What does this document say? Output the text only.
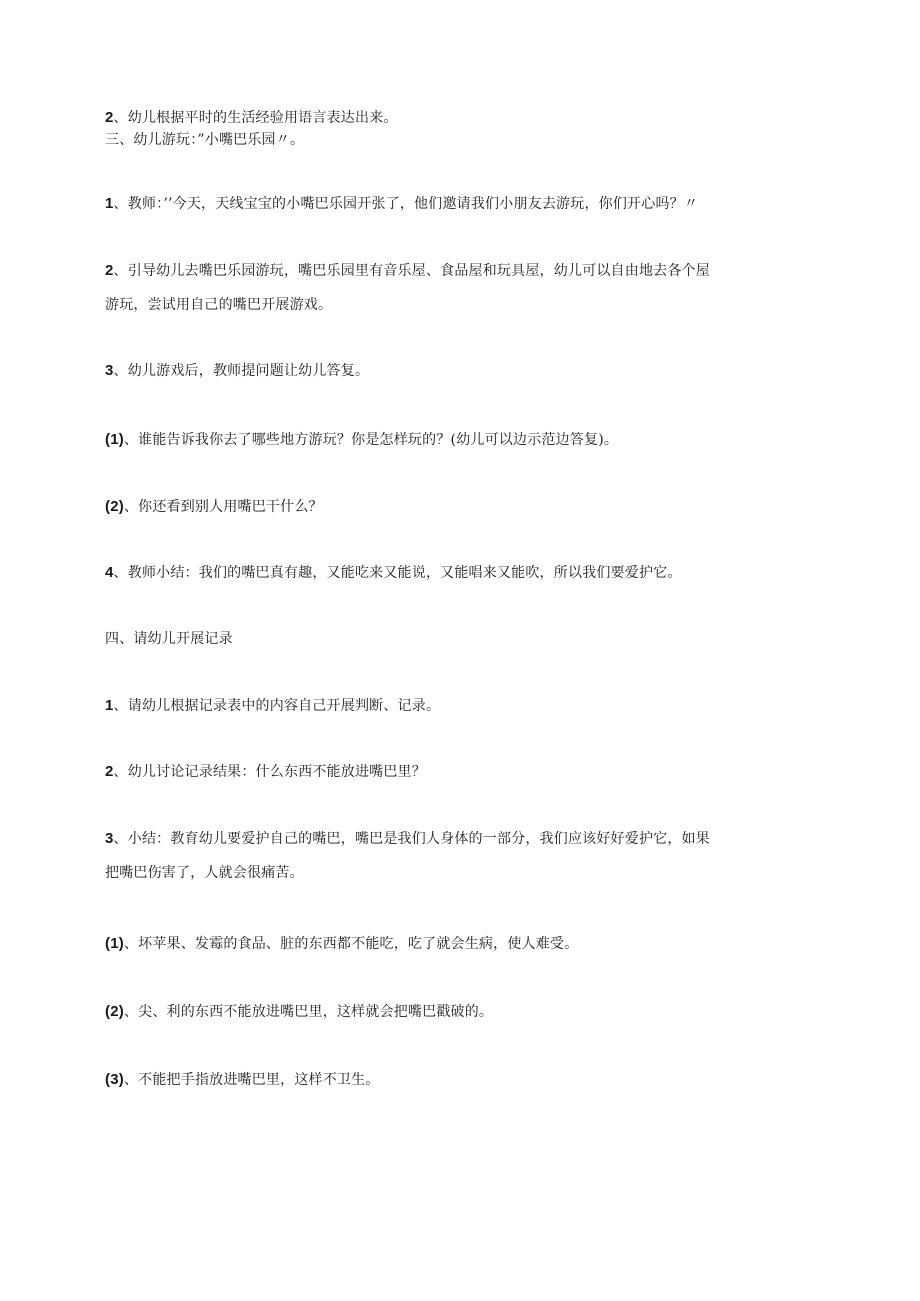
2、幼儿根据平时的生活经验用语言表达出来。
三、幼儿游玩：”小嘴巴乐园〃。
1、教师：’’今天，天线宝宝的小嘴巴乐园开张了，他们邀请我们小朋友去游玩，你们开心吗？〃
2、引导幼儿去嘴巴乐园游玩，嘴巴乐园里有音乐屋、食品屋和玩具屋，幼儿可以自由地去各个屋
游玩，尝试用自己的嘴巴开展游戏。
3、幼儿游戏后，教师提问题让幼儿答复。
(1)、谁能告诉我你去了哪些地方游玩？你是怎样玩的？(幼儿可以边示范边答复)。
(2)、你还看到别人用嘴巴干什么？
4、教师小结：我们的嘴巴真有趣，又能吃来又能说，又能唱来又能吹，所以我们要爱护它。
四、请幼儿开展记录
1、请幼儿根据记录表中的内容自己开展判断、记录。
2、幼儿讨论记录结果：什么东西不能放进嘴巴里？
3、小结：教育幼儿要爱护自己的嘴巴，嘴巴是我们人身体的一部分，我们应该好好爱护它，如果
把嘴巴伤害了，人就会很痛苦。
(1)、坏苹果、发霉的食品、脏的东西都不能吃，吃了就会生病，使人难受。
(2)、尖、利的东西不能放进嘴巴里，这样就会把嘴巴戳破的。
(3)、不能把手指放进嘴巴里，这样不卫生。
